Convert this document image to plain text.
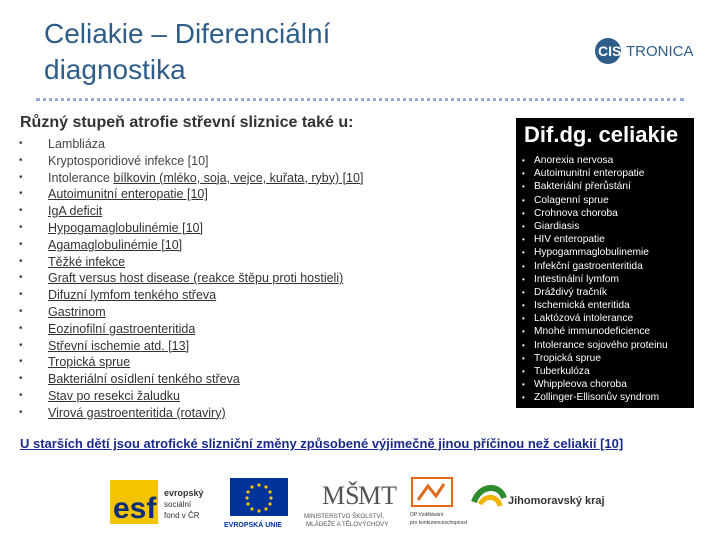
Celiakie – Diferenciální
diagnostika
CIS TRONICA
Různý stupeň atrofie střevní sliznice také u:
• Lambliáza
• Kryptosporidiové infekce [10]
• Intolerance bílkovin (mléko, soja, vejce, kuřata, ryby) [10]
• Autoimunitní enteropatie [10]
• IgA deficit
• Hypogamaglobulinémie [10]
• Agamaglobulinémie [10]
• Těžké infekce
• Graft versus host disease (reakce štěpu proti hostieli)
• Difuzní lymfom tenkého střeva
• Gastrinom
• Eozinofilní gastroenteritida
• Střevní ischemie atd. [13]
• Tropická sprue
• Bakteriální osídlení tenkého střeva
• Stav po resekci žaludku
• Virová gastroenteritida (rotaviry)
Dif.dg. celiakie
• Anorexia nervosa
• Autoimunitní enteropatie
• Bakteriální přerůstání
• Colagenní sprue
• Crohnova choroba
• Giardiasis
• HIV enteropatie
• Hypogammaglobulinemie
• Infekční gastroenteritida
• Intestinální lymfom
• Dráždivý tračník
• Ischemická enteritida
• Laktózová intolerance
• Mnohé immunodeficience
• Intolerance sojového proteinu
• Tropická sprue
• Tuberkulóza
• Whippleova choroba
• Zollinger-Ellisonův syndrom
U starších dětí jsou atrofické slizniční změny způsobené výjimečně jinou příčinou než celiakií [10]
esf evropský
sociální
fond v ČR
EVROPSKÁ UNIE
MŠ
MT
MINISTERSTVO ŠKOLSTVÍ,
MLÁDEŽE A TĚLOVÝCHOVY
OP Vzdělávání
pro konkurenceschopnost
Jihomoravský kraj
